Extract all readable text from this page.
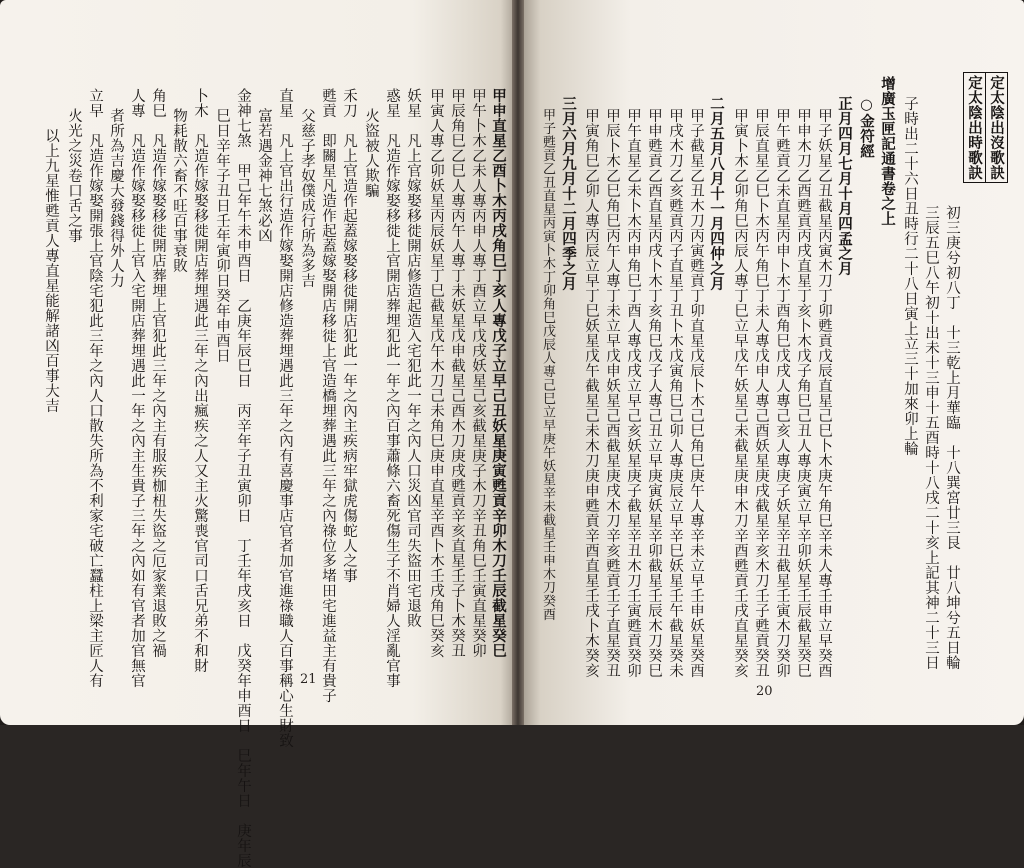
甲申直星乙酉卜木丙戌角巳丁亥人專戊子立早己丑妖星庚寅甦貢辛卯木刀壬辰截星癸巳
甲午卜木乙未人專丙申人專丁酉立早戊戌妖星己亥截星庚子木刀辛丑角巳壬寅直星癸卯
甲辰角巳乙巳人專丙午人專丁未妖星戊申截星己酉木刀庚戌甦貢辛亥直星壬子卜木癸丑
甲寅人專乙卯妖星丙辰妖星丁巳截星戊午木刀己未角巳庚申直星辛酉卜木壬戌角巳癸亥
妖星　凡上官嫁娶移徙開店修造起造入宅犯此一年之內人口災凶官司失盜田宅退敗
惑星　凡造作嫁娶移徙上官開店葬埋犯此一年之內百事蕭條六畜死傷生子不肖婦人淫亂官事
火盜被人欺騙
禾刀　凡上官造作起蓋嫁娶移徙開店犯此一年之內主疾病牢獄虎傷蛇人之事
甦貢　即關星凡造作起蓋嫁娶開店移徙上官造橋埋葬遇此三年之內祿位多堵田宅進益主有貴子
父慈子孝奴僕成行所為多吉
直星　凡上官出行造作嫁娶開店修造葬埋遇此三年之內有喜慶事店官者加官進祿職人百事稱心生財致
富若遇金神七煞必凶
金神七煞　甲己年午未申酉日　乙庚年辰巳日　丙辛年子丑寅卯日　丁壬年戌亥日　戊癸年申酉日　巳年午日　庚年辰
巳日辛年子丑日壬年寅卯日癸年申酉日
卜木　凡造作嫁娶移徙開店葬埋遇此三年之內出瘋疾之人又主火驚喪官司口舌兄弟不和財
物耗散六畜不旺百事衰敗
角巳　凡造作嫁娶移徙開店葬埋上官犯此三年之內主有服疾枷杻失盜之厄家業退敗之禍
人專　凡造作嫁娶移徙上官入宅開店葬埋遇此一年之內主生貴子三年之內如有官者加官無官
者所為吉慶大發錢得外人力
立早　凡造作嫁娶開張上官陰宅犯此三年之內人口散失所為不利家宅破亡蠶柱上梁主匠人有
火光之災卷口舌之事
以上九星惟甦貢人專直星能解諸凶百事大吉
21
定太陰出沒歌訣
定太陰出時歌訣
初三庚兮初八丁　十三乾上月華臨　十八巽宮廿三艮　廿八坤兮五日輪
三辰五巳八午初十出未十三申十五酉時十八戌二十亥上記其神二十三日
子時出二十六日丑時行二十八日寅上立三十加來卯上輪
增廣玉匣記通書卷之上
○金符經
正月四月七月十月四孟之月
甲子妖星乙丑截星丙寅木刀丁卯甦貢戊辰直星己巳卜木庚午角巳辛未人專壬申立早癸酉
甲申木刀乙酉甦貢丙戌直星丁亥卜木戊子角巳己丑人專庚寅立早辛卯妖星壬辰截星癸巳
甲午甦貢乙未直星丙申卜木丁酉角巳戊戌人專己亥人專庚子妖星辛丑截星壬寅木刀癸卯
甲辰直星乙巳卜木丙午角巳丁未人專戊申人專己酉妖星庚戌截星辛亥木刀壬子甦貢癸丑
甲寅卜木乙卯角巳丙辰人專丁巳立早戊午妖星己未截星庚申木刀辛酉甦貢壬戌直星癸亥
二月五月八月十一月四仲之月
甲子截星乙丑木刀丙寅甦貢丁卯直星戊辰卜木己巳角巳庚午人專辛未立早壬申妖星癸酉
甲戌木刀乙亥甦貢丙子直星丁丑卜木戊寅角巳己卯人專庚辰立早辛巳妖星壬午截星癸未
甲申甦貢乙酉直星丙戌卜木丁亥角巳戊子人專己丑立早庚寅妖星辛卯截星壬辰木刀癸巳
甲午直星乙未卜木丙申角巳丁酉人專戊戌立早己亥妖星庚子截星辛丑木刀壬寅甦貢癸卯
甲辰卜木乙巳角巳丙午人專丁未立早戊申妖星己酉截星庚戌木刀辛亥甦貢壬子直星癸丑
甲寅角巳乙卯人專丙辰立早丁巳妖星戊午截星己未木刀庚申甦貢辛酉直星壬戌卜木癸亥
20
三月六月九月十二月四季之月
甲子甦貢乙丑直星丙寅卜木丁卯角巳戊辰人專己巳立早庚午妖星辛未截星壬申木刀癸酉
